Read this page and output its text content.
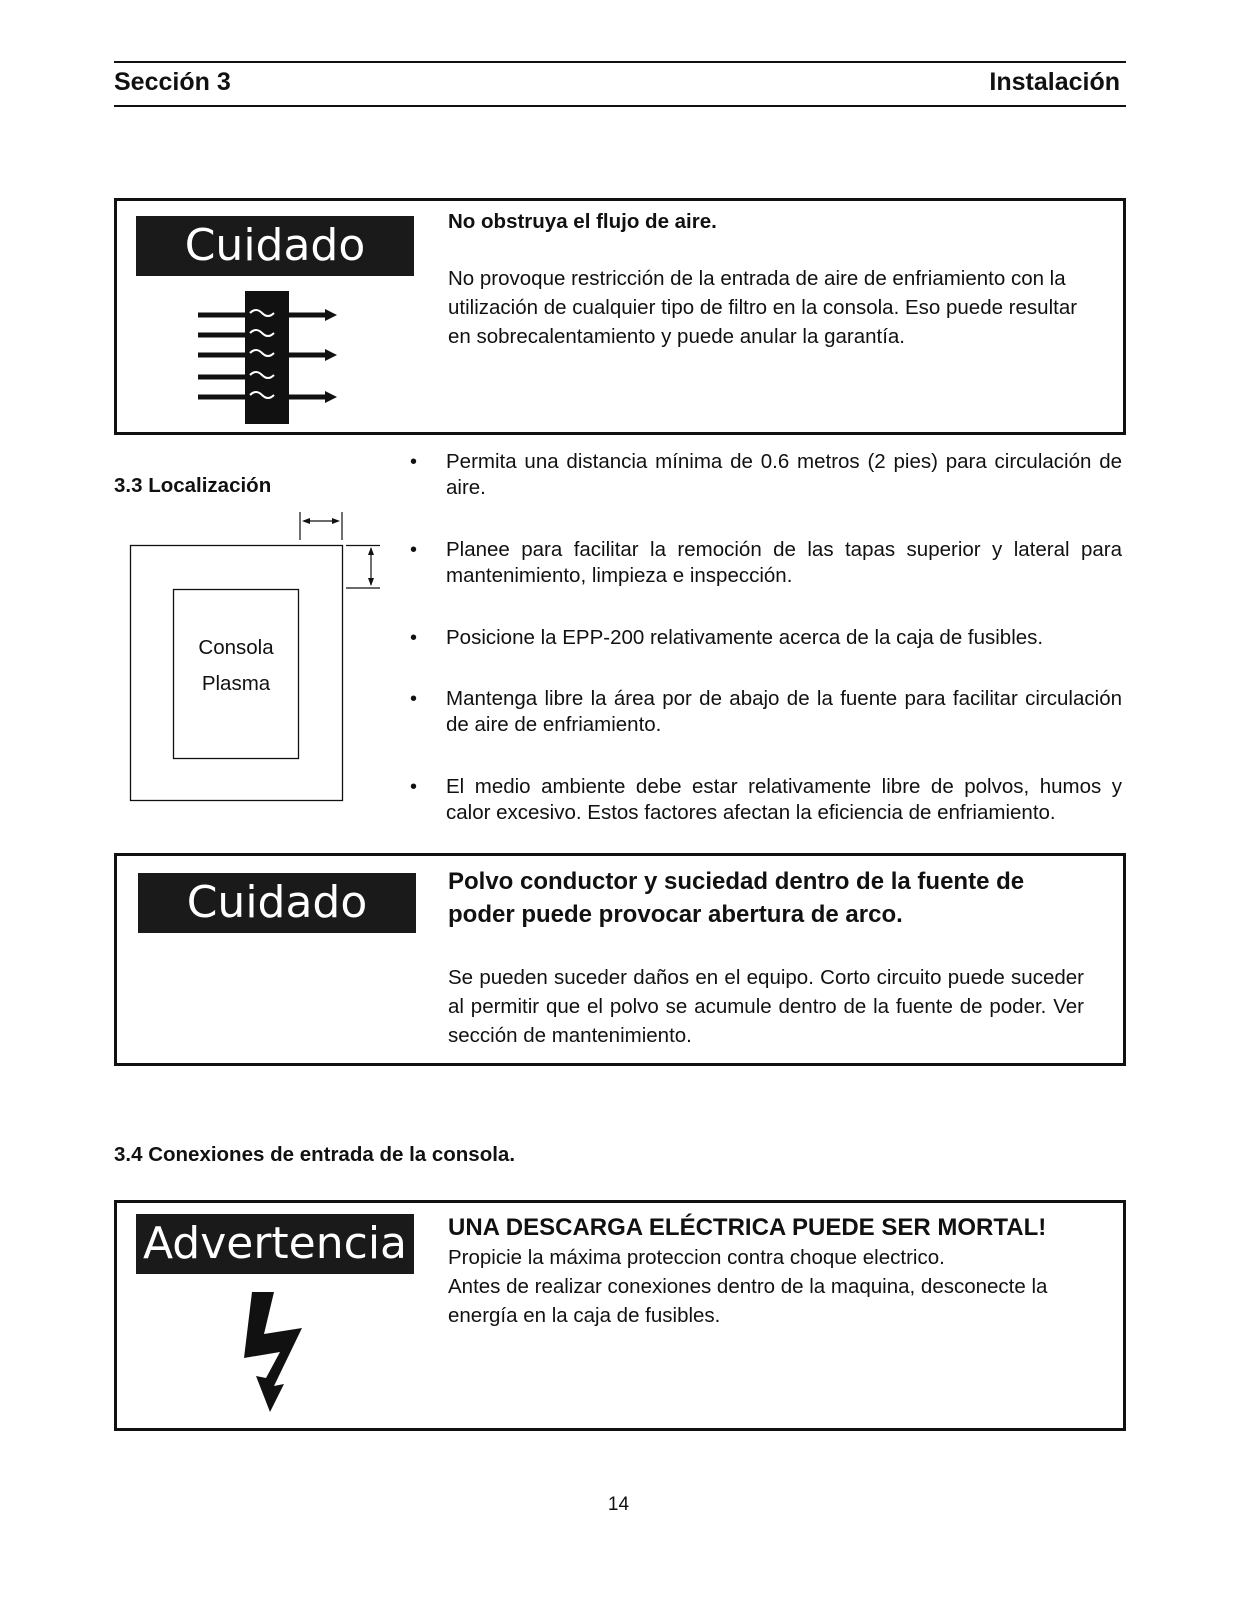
Sección 3	Instalación
Cuidado	No obstruya el flujo de aire.
No provoque restricción de la entrada de aire de enfriamiento con la utilización de cualquier tipo de filtro en la consola. Eso puede resultar en sobrecalentamiento y puede anular la garantía.
3.3 Localización
Consola
Plasma
• Permita una distancia mínima de 0.6 metros (2 pies) para circulación de aire.
• Planee para facilitar la remoción de las tapas superior y lateral para mantenimiento, limpieza e inspección.
• Posicione la EPP-200 relativamente acerca de la caja de fusibles.
• Mantenga libre la área por de abajo de la fuente para facilitar circulación de aire de enfriamiento.
• El medio ambiente debe estar relativamente libre de polvos, humos y calor excesivo. Estos factores afectan la eficiencia de enfriamiento.
Cuidado	Polvo conductor y suciedad dentro de la fuente de poder puede provocar abertura de arco.
Se pueden suceder daños en el equipo. Corto circuito puede suceder al permitir que el polvo se acumule dentro de la fuente de poder. Ver sección de mantenimiento.
3.4 Conexiones de entrada de la consola.
Advertencia UNA DESCARGA ELÉCTRICA PUEDE SER MORTAL!
Propicie la máxima proteccion contra choque electrico.
Antes de realizar conexiones dentro de la maquina, desconecte la energía en la caja de fusibles.
14
